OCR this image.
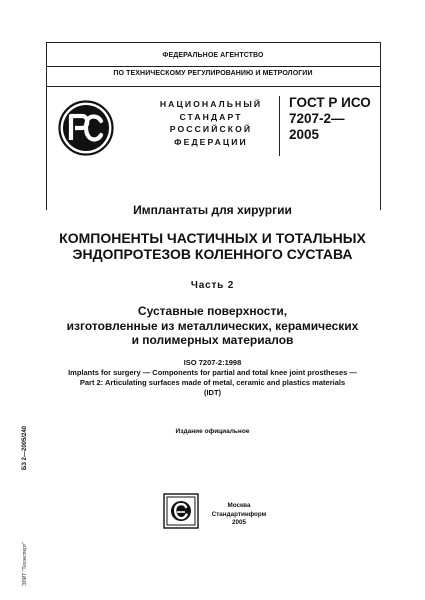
ФЕДЕРАЛЬНОЕ АГЕНТСТВО
ПО ТЕХНИЧЕСКОМУ РЕГУЛИРОВАНИЮ И МЕТРОЛОГИИ
НАЦИОНАЛЬНЫЙ
СТАНДАРТ
РОССИЙСКОЙ
ФЕДЕРАЦИИ
ГОСТ Р ИСО
7207-2—
2005
Имплантаты для хирургии
КОМПОНЕНТЫ ЧАСТИЧНЫХ И ТОТАЛЬНЫХ
ЭНДОПРОТЕЗОВ КОЛЕННОГО СУСТАВА
Часть 2
Суставные поверхности,
изготовленные из металлических, керамических
и полимерных материалов
ISO 7207-2:1998
Implants for surgery — Components for partial and total knee joint prostheses —
Part 2: Articulating surfaces made of metal, ceramic and plastics materials
(IDT)
Издание официальное
БЗ 2—2005/240
ЭЛИТ "Техэксперт"
Москва
Стандартинформ
2005
